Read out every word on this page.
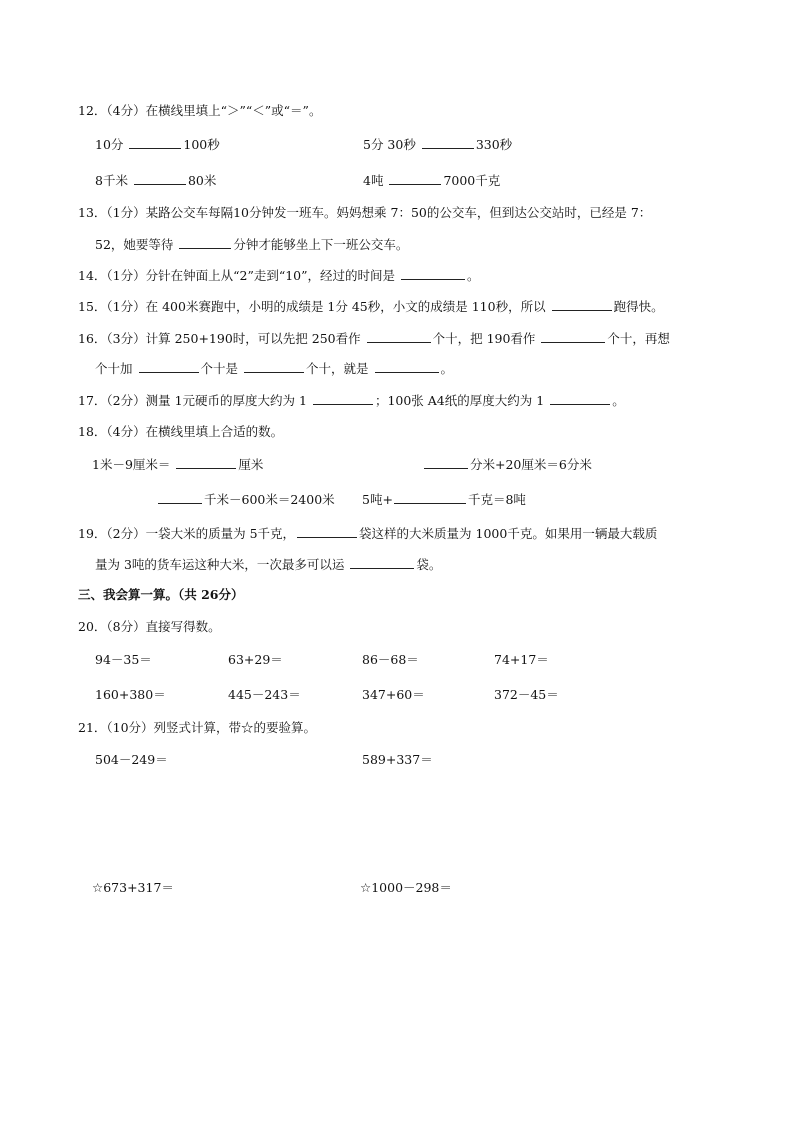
12．（4分）在横线里填上“＞”“＜”或“＝”。
10分	100秒	5分 30秒	330秒
8千米	80米	4吨	7000千克
13．（1分）某路公交车每隔10分钟发一班车。妈妈想乘 7：50的公交车，但到达公交站时，已经是 7：
52，她要等待	分钟才能够坐上下一班公交车。
14．（1分）分针在钟面上从“2”走到“10”，经过的时间是	。
15．（1分）在 400米赛跑中，小明的成绩是 1分 45秒，小文的成绩是 110秒，所以	跑得快。
16．（3分）计算 250+190时，可以先把 250看作	个十，把 190看作	个十，再想
个十加	个十是	个十，就是	。
17．（2分）测量 1元硬币的厚度大约为 1	；100张 A4纸的厚度大约为 1	。
18．（4分）在横线里填上合适的数。
1米－9厘米＝	厘米	分米+20厘米＝6分米
千米－600米＝2400米 5吨+	千克＝8吨
19．（2分）一袋大米的质量为 5千克，	袋这样的大米质量为 1000千克。如果用一辆最大载质
量为 3吨的货车运这种大米，一次最多可以运	袋。
三、我会算一算。（共 26分）
20．（8分）直接写得数。
94－35＝	63+29＝	86－68＝	74+17＝
160+380＝	445－243＝	347+60＝	372－45＝
21．（10分）列竖式计算，带☆的要验算。
504－249＝	589+337＝
☆673+317＝	☆1000－298＝
